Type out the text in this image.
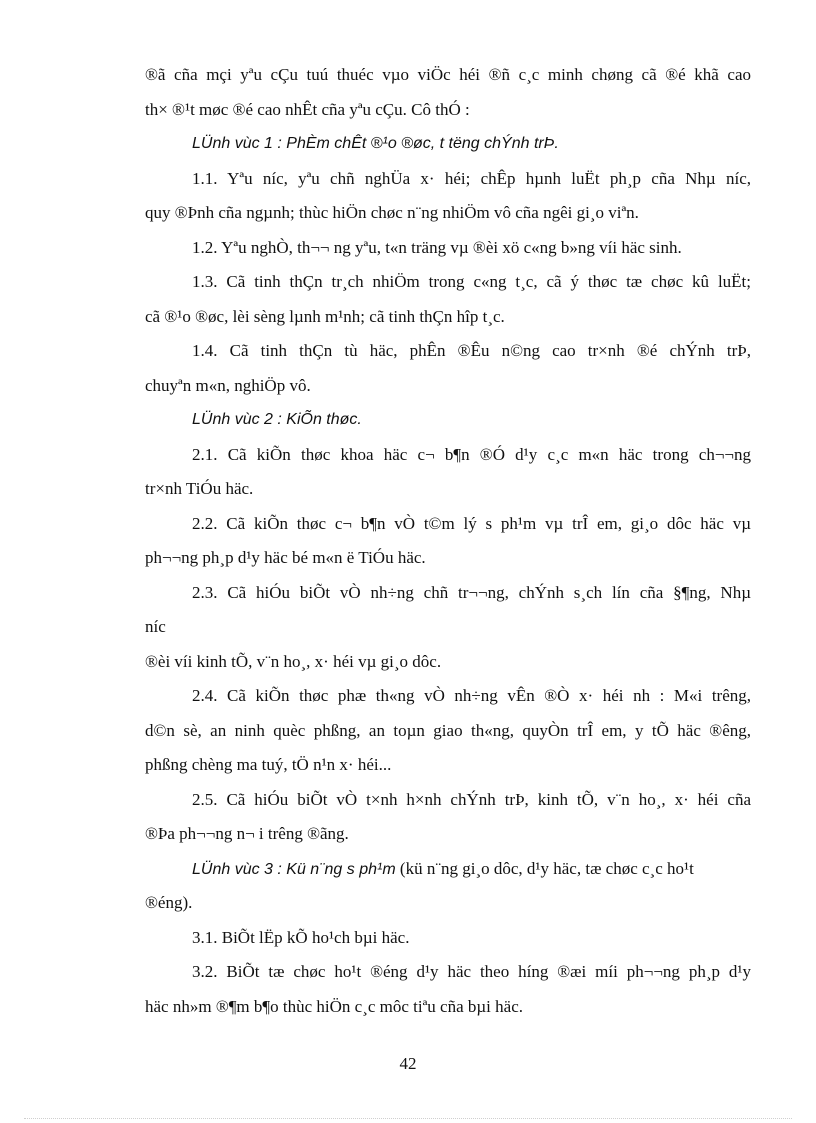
®ã cña mçi yªu cÇu tuú thuéc vµo viÖc héi ®ñ c¸c minh chøng cã ®é khã cao
th× ®¹t møc ®é cao nhÊt cña yªu cÇu. Cô thÓ :
LÜnh vùc 1 : PhÈm chÊt ®¹o ®øc, t tëng chÝnh trÞ.
1.1. Yªu níc, yªu chñ nghÜa x· héi; chÊp hµnh luËt ph¸p cña Nhµ níc,
quy ®Þnh cña ngµnh; thùc hiÖn chøc n¨ng nhiÖm vô cña ngêi gi¸o viªn.
1.2. Yªu nghÒ, th¬¬ ng yªu, t«n träng vµ ®èi xö c«ng b»ng víi häc sinh.
1.3. Cã tinh thÇn tr¸ch nhiÖm trong c«ng t¸c, cã ý thøc tæ chøc kû luËt;
cã ®¹o ®øc, lèi sèng lµnh m¹nh; cã tinh thÇn hîp t¸c.
1.4. Cã tinh thÇn tù häc, phÊn ®Êu n©ng cao tr×nh ®é chÝnh trÞ,
chuyªn m«n, nghiÖp vô.
LÜnh vùc 2 : KiÕn thøc.
2.1. Cã kiÕn thøc khoa häc c¬ b¶n ®Ó d¹y c¸c m«n häc trong ch¬¬ng
tr×nh TiÓu häc.
2.2. Cã kiÕn thøc c¬ b¶n vÒ t©m lý s ph¹m vµ trÎ em, gi¸o dôc häc vµ
ph¬¬ng ph¸p d¹y häc bé m«n ë TiÓu häc.
2.3. Cã hiÓu biÕt vÒ nh÷ng chñ tr¬¬ng, chÝnh s¸ch lín cña §¶ng, Nhµ
níc
®èi víi kinh tÕ, v¨n ho¸, x· héi vµ gi¸o dôc.
2.4. Cã kiÕn thøc phæ th«ng vÒ nh÷ng vÊn ®Ò x· héi nh : M«i trêng,
d©n sè, an ninh quèc phßng, an toµn giao th«ng, quyÒn trÎ em, y tÕ häc ®êng,
phßng chèng ma tuý, tÖ n¹n x· héi...
2.5. Cã hiÓu biÕt vÒ t×nh h×nh chÝnh trÞ, kinh tÕ, v¨n ho¸, x· héi cña
®Þa ph¬¬ng n¬ i trêng ®ãng.
LÜnh vùc 3 : Kü n¨ng s ph¹m (kü n¨ng gi¸o dôc, d¹y häc, tæ chøc c¸c ho¹t
®éng).
3.1. BiÕt lËp kÕ ho¹ch bµi häc.
3.2. BiÕt tæ chøc ho¹t ®éng d¹y häc theo híng ®æi míi ph¬¬ng ph¸p d¹y
häc nh»m ®¶m b¶o thùc hiÖn c¸c môc tiªu cña bµi häc.
42
